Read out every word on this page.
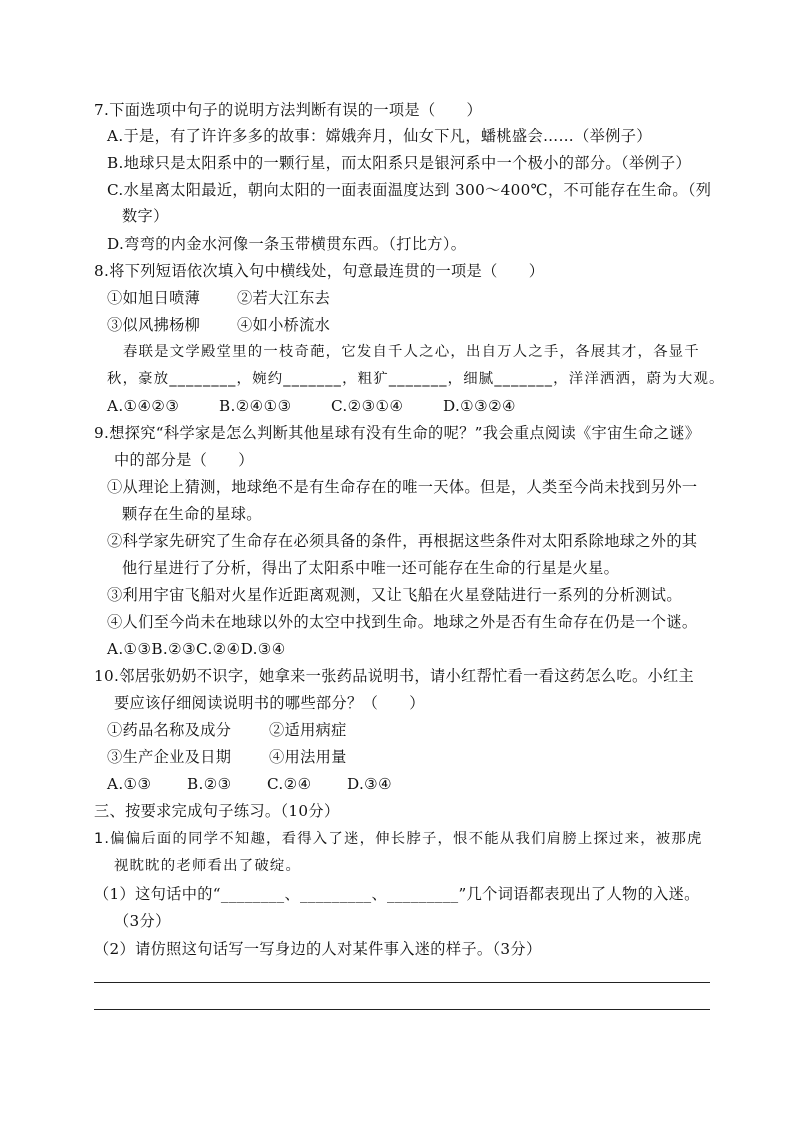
7.下面选项中句子的说明方法判断有误的一项是（　　）
A.于是，有了许许多多的故事：嫦娥奔月，仙女下凡，蟠桃盛会……（举例子）
B.地球只是太阳系中的一颗行星，而太阳系只是银河系中一个极小的部分。（举例子）
C.水星离太阳最近，朝向太阳的一面表面温度达到 300～400℃，不可能存在生命。（列
数字）
D.弯弯的内金水河像一条玉带横贯东西。（打比方）。
8.将下列短语依次填入句中横线处，句意最连贯的一项是（　　）
①如旭日喷薄 ②若大江东去
③似风拂杨柳 ④如小桥流水
春联是文学殿堂里的一枝奇葩，它发自千人之心，出自万人之手，各展其才，各显千
秋，豪放________，婉约_______，粗犷_______，细腻_______，洋洋洒洒，蔚为大观。
A.①④②③	B.②④①③	C.②③①④	D.①③②④
9.想探究“科学家是怎么判断其他星球有没有生命的呢？”我会重点阅读《宇宙生命之谜》
中的部分是（　　）
①从理论上猜测，地球绝不是有生命存在的唯一天体。但是，人类至今尚未找到另外一
颗存在生命的星球。
②科学家先研究了生命存在必须具备的条件，再根据这些条件对太阳系除地球之外的其
他行星进行了分析，得出了太阳系中唯一还可能存在生命的行星是火星。
③利用宇宙飞船对火星作近距离观测，又让飞船在火星登陆进行一系列的分析测试。
④人们至今尚未在地球以外的太空中找到生命。地球之外是否有生命存在仍是一个谜。
A.①③B.②③C.②④D.③④
10.邻居张奶奶不识字，她拿来一张药品说明书，请小红帮忙看一看这药怎么吃。小红主
要应该仔细阅读说明书的哪些部分？（　　）
①药品名称及成分 ②适用病症
③生产企业及日期 ④用法用量
A.①③ B.②③ C.②④ D.③④
三、按要求完成句子练习。（10分）
1.偏偏后面的同学不知趣，看得入了迷，伸长脖子，恨不能从我们肩膀上探过来，被那虎
视眈眈的老师看出了破绽。
（1）这句话中的“________、_________、_________”几个词语都表现出了人物的入迷。
（3分）
（2）请仿照这句话写一写身边的人对某件事入迷的样子。（3分）
